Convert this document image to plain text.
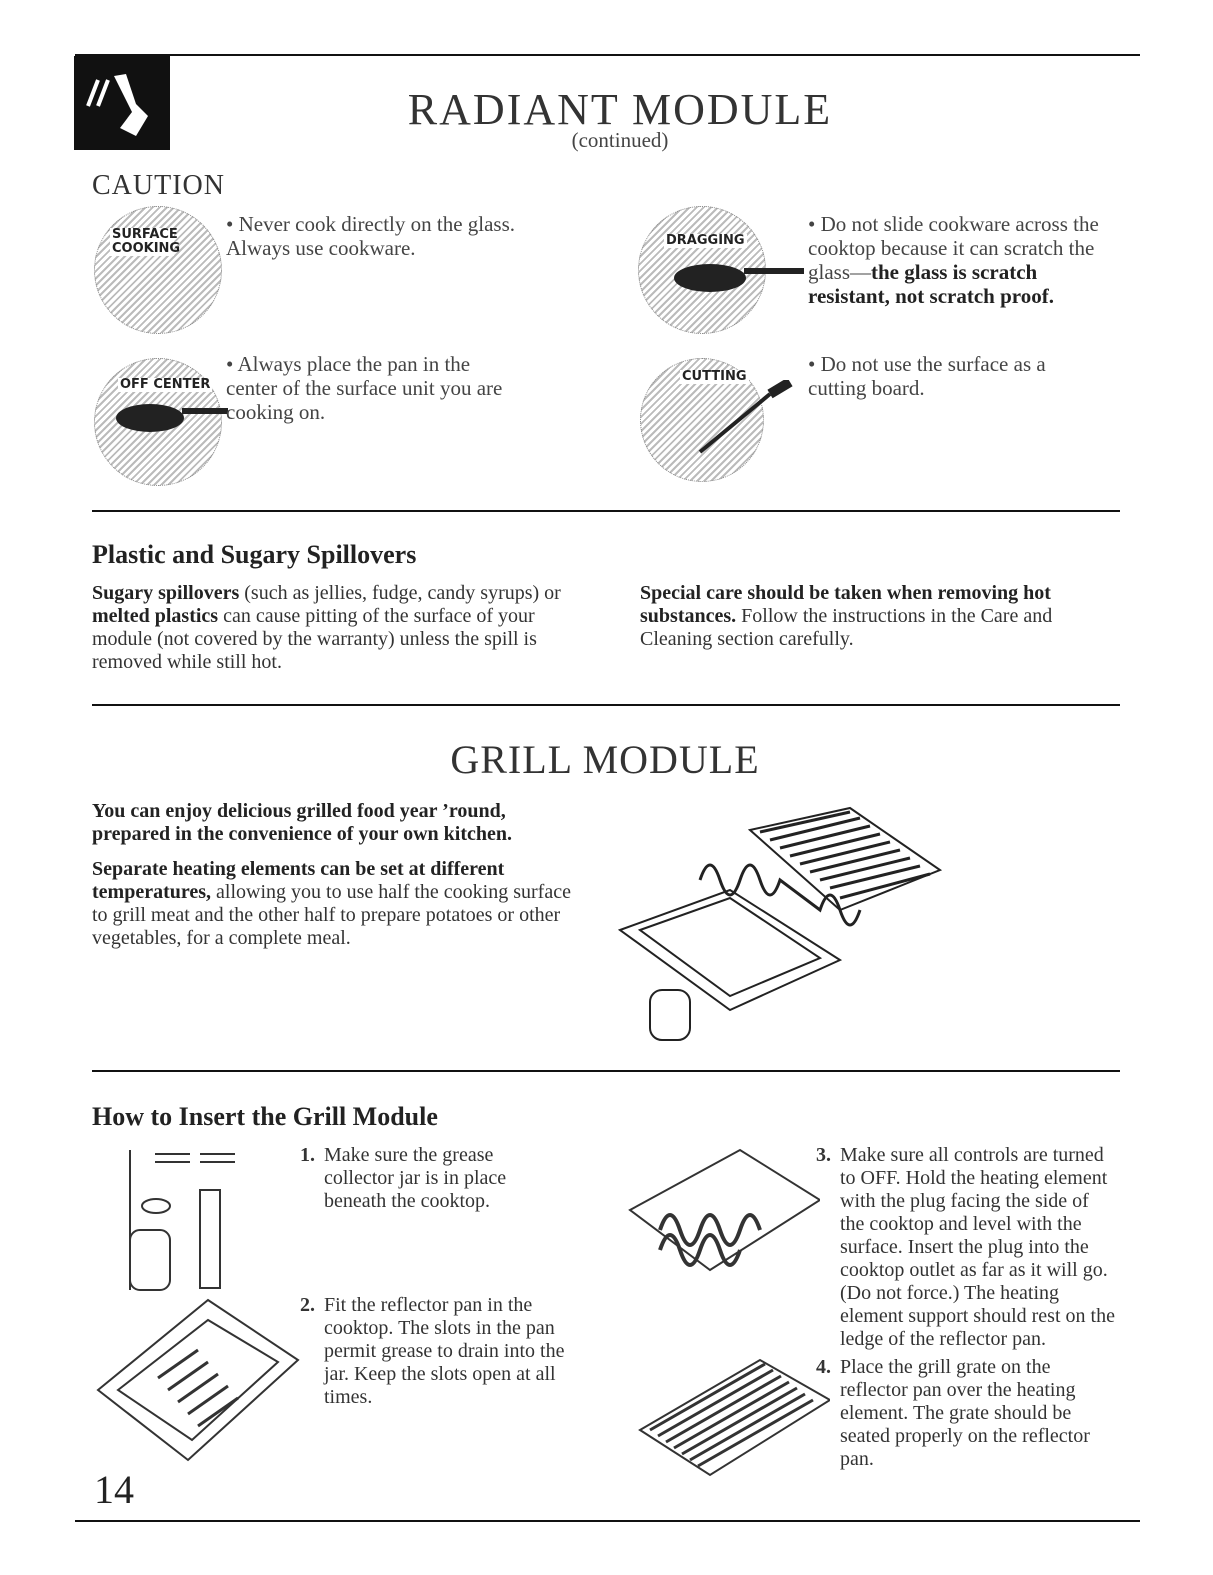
RADIANT MODULE
(continued)
CAUTION
SURFACE COOKING
DRAGGING
OFF CENTER
CUTTING
• Never cook directly on the glass. Always use cookware.
• Do not slide cookware across the cooktop because it can scratch the glass—the glass is scratch resistant, not scratch proof.
• Always place the pan in the center of the surface unit you are cooking on.
• Do not use the surface as a cutting board.
Plastic and Sugary Spillovers
Sugary spillovers (such as jellies, fudge, candy syrups) or melted plastics can cause pitting of the surface of your module (not covered by the warranty) unless the spill is removed while still hot.
Special care should be taken when removing hot substances. Follow the instructions in the Care and Cleaning section carefully.
GRILL MODULE
You can enjoy delicious grilled food year ’round, prepared in the convenience of your own kitchen.
Separate heating elements can be set at different temperatures, allowing you to use half the cooking surface to grill meat and the other half to prepare potatoes or other vegetables, for a complete meal.
How to Insert the Grill Module
1. Make sure the grease collector jar is in place beneath the cooktop.
2. Fit the reflector pan in the cooktop. The slots in the pan permit grease to drain into the jar. Keep the slots open at all times.
3. Make sure all controls are turned to OFF. Hold the heating element with the plug facing the side of the cooktop and level with the surface. Insert the plug into the cooktop outlet as far as it will go. (Do not force.) The heating element support should rest on the ledge of the reflector pan.
4. Place the grill grate on the reflector pan over the heating element. The grate should be seated properly on the reflector pan.
14
